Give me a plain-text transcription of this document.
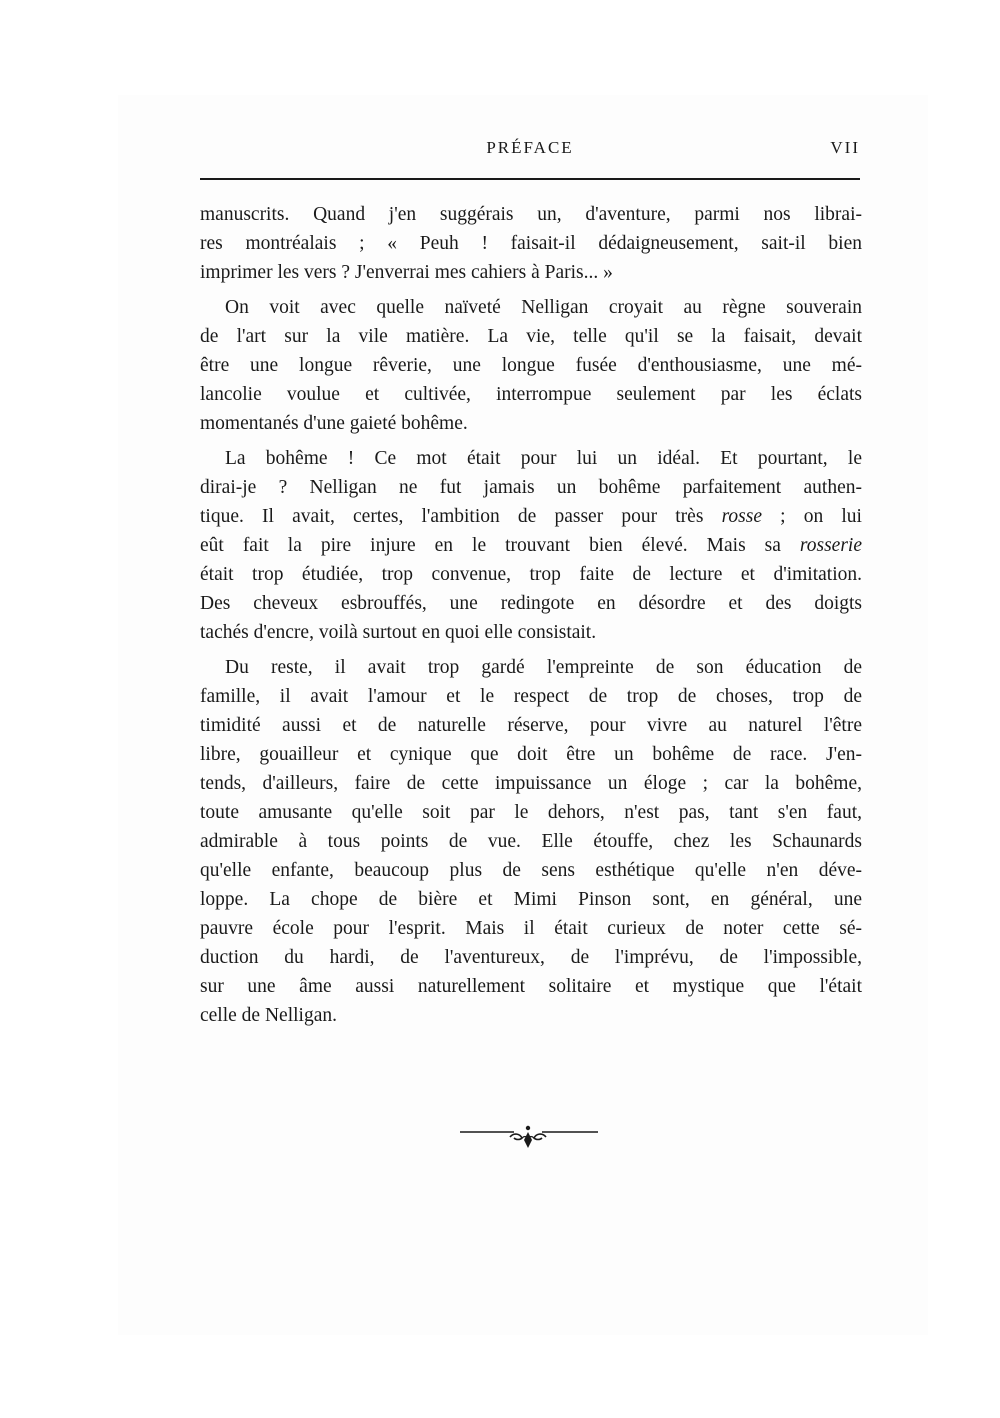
PRÉFACE	VII

manuscrits. Quand j'en suggérais un, d'aventure, parmi nos librai-
res montréalais ; « Peuh ! faisait-il dédaigneusement, sait-il bien
imprimer les vers ? J'enverrai mes cahiers à Paris... »

On voit avec quelle naïveté Nelligan croyait au règne souverain
de l'art sur la vile matière. La vie, telle qu'il se la faisait, devait
être une longue rêverie, une longue fusée d'enthousiasme, une mé-
lancolie voulue et cultivée, interrompue seulement par les éclats
momentanés d'une gaieté bohême.

La bohême ! Ce mot était pour lui un idéal. Et pourtant, le
dirai-je ? Nelligan ne fut jamais un bohême parfaitement authen-
tique. Il avait, certes, l'ambition de passer pour très rosse ; on lui
eût fait la pire injure en le trouvant bien élevé. Mais sa rosserie
était trop étudiée, trop convenue, trop faite de lecture et d'imitation.
Des cheveux esbrouffés, une redingote en désordre et des doigts
tachés d'encre, voilà surtout en quoi elle consistait.

Du reste, il avait trop gardé l'empreinte de son éducation de
famille, il avait l'amour et le respect de trop de choses, trop de
timidité aussi et de naturelle réserve, pour vivre au naturel l'être
libre, gouailleur et cynique que doit être un bohême de race. J'en-
tends, d'ailleurs, faire de cette impuissance un éloge ; car la bohême,
toute amusante qu'elle soit par le dehors, n'est pas, tant s'en faut,
admirable à tous points de vue. Elle étouffe, chez les Schaunards
qu'elle enfante, beaucoup plus de sens esthétique qu'elle n'en déve-
loppe. La chope de bière et Mimi Pinson sont, en général, une
pauvre école pour l'esprit. Mais il était curieux de noter cette sé-
duction du hardi, de l'aventureux, de l'imprévu, de l'impossible,
sur une âme aussi naturellement solitaire et mystique que l'était
celle de Nelligan.
